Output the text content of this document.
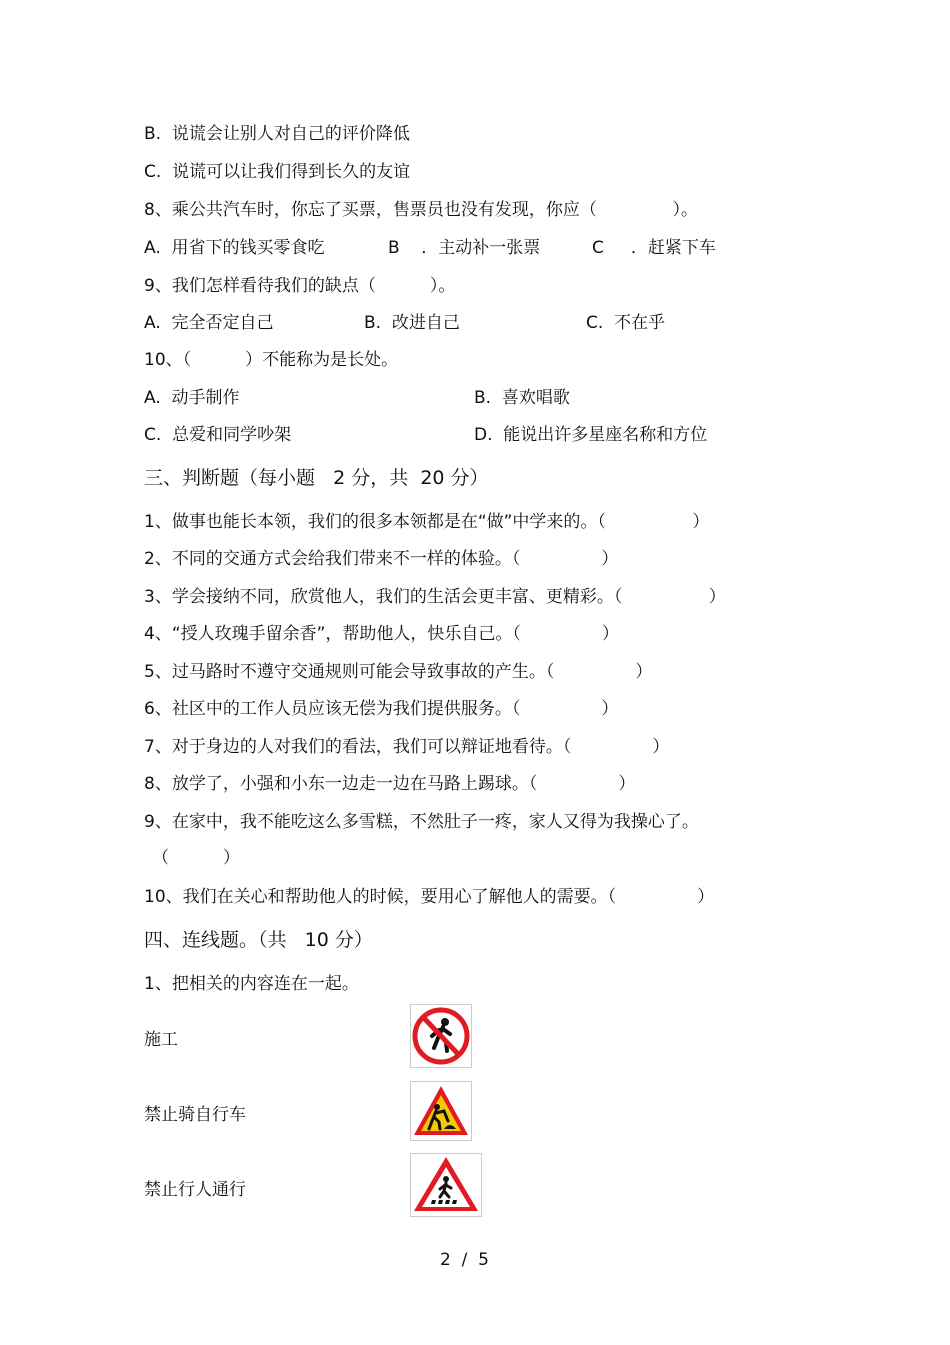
B.  说谎会让别人对自己的评价降低
C.  说谎可以让我们得到长久的友谊
8、乘公共汽车时，你忘了买票，售票员也没有发现，你应（              ）。
A.  用省下的钱买零食吃	B    ．主动补一张票	C     ．赶紧下车
9、我们怎样看待我们的缺点（          ）。
A.  完全否定自己	B.  改进自己	C.  不在乎
10、（          ）不能称为是长处。
A.  动手制作	B.  喜欢唱歌
C.  总爱和同学吵架	D.  能说出许多星座名称和方位
三、判断题（每小题   2 分，共  20 分）
1、做事也能长本领，我们的很多本领都是在“做”中学来的。（                ）
2、不同的交通方式会给我们带来不一样的体验。（               ）
3、学会接纳不同，欣赏他人，我们的生活会更丰富、更精彩。（                ）
4、“授人玫瑰手留余香”，帮助他人，快乐自己。（               ）
5、过马路时不遵守交通规则可能会导致事故的产生。（               ）
6、社区中的工作人员应该无偿为我们提供服务。（               ）
7、对于身边的人对我们的看法，我们可以辩证地看待。（               ）
8、放学了，小强和小东一边走一边在马路上踢球。（               ）
9、在家中，我不能吃这么多雪糕，不然肚子一疼，家人又得为我操心了。
（          ）
10、我们在关心和帮助他人的时候，要用心了解他人的需要。（               ）
四、连线题。（共   10 分）
1、把相关的内容连在一起。
施工
禁止骑自行车
禁止行人通行
2  /  5
